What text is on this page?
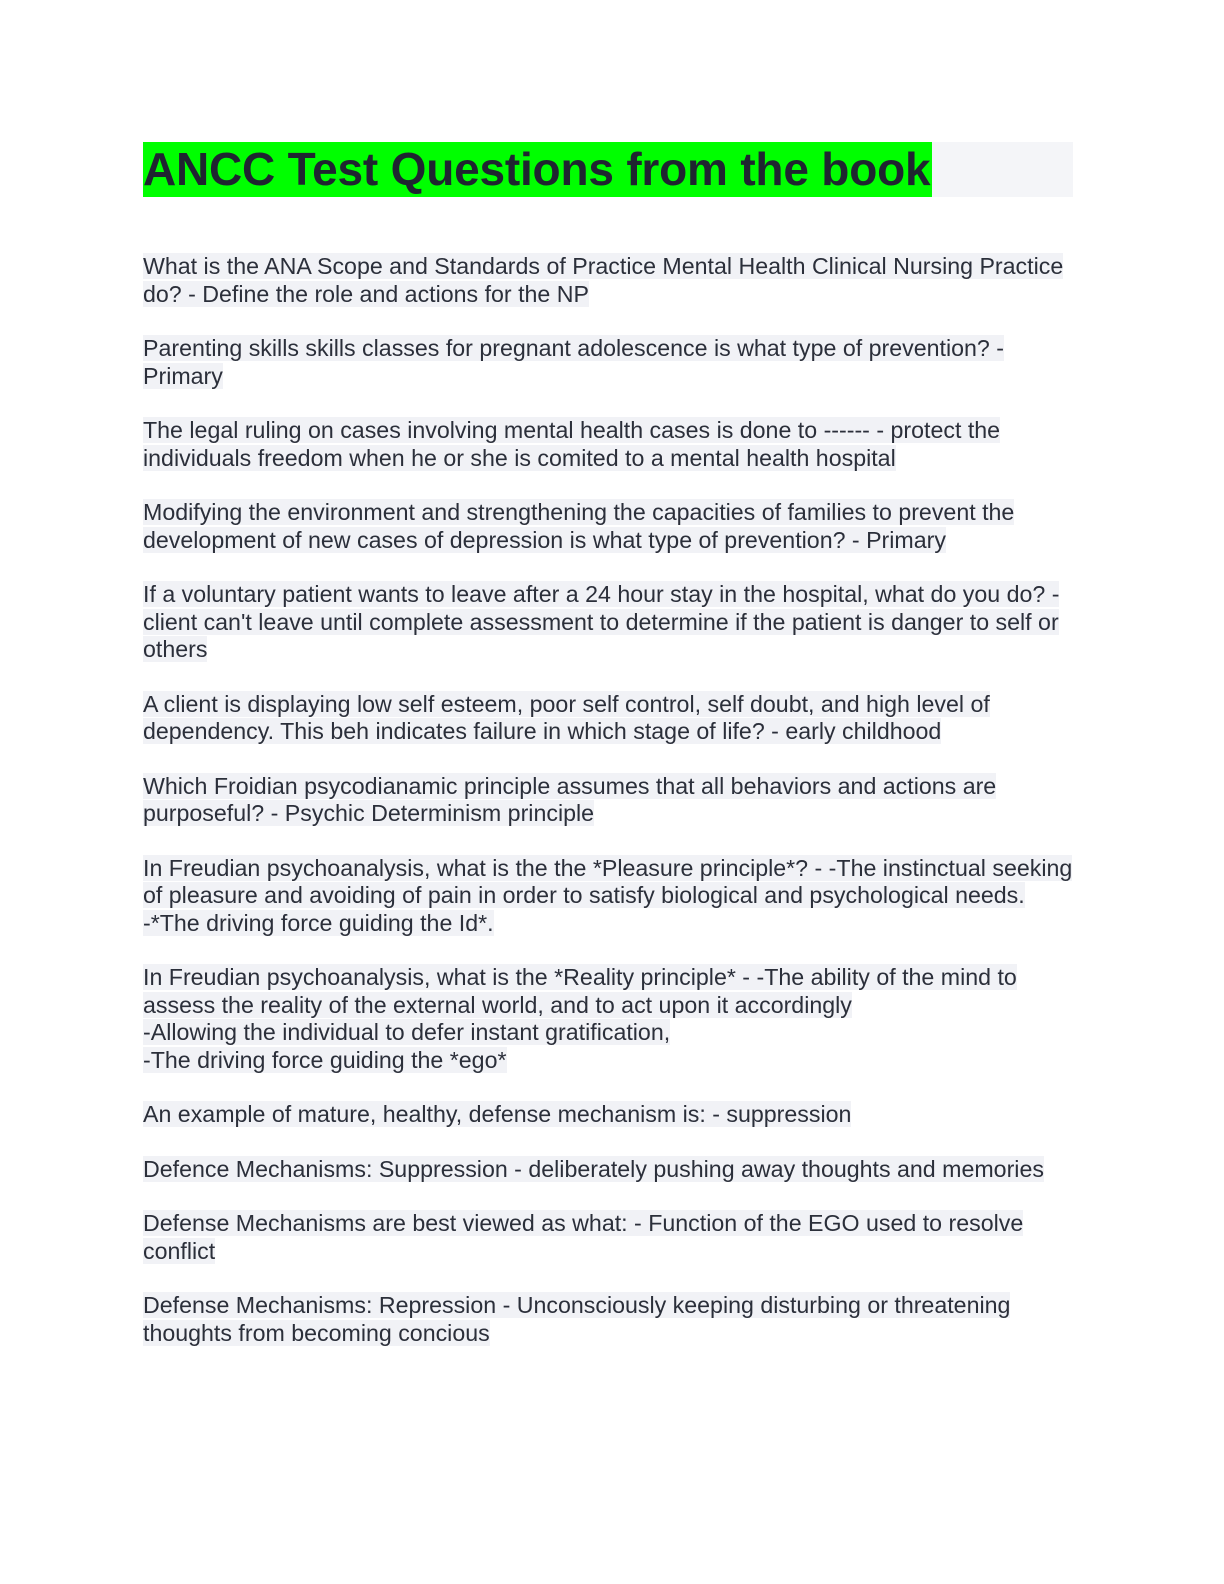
ANCC Test Questions from the book

What is the ANA Scope and Standards of Practice Mental Health Clinical Nursing Practice do? - Define the role and actions for the NP

Parenting skills skills classes for pregnant adolescence is what type of prevention? - Primary

The legal ruling on cases involving mental health cases is done to ------ - protect the individuals freedom when he or she is comited to a mental health hospital

Modifying the environment and strengthening the capacities of families to prevent the development of new cases of depression is what type of prevention? - Primary

If a voluntary patient wants to leave after a 24 hour stay in the hospital, what do you do? - client can't leave until complete assessment to determine if the patient is danger to self or others

A client is displaying low self esteem, poor self control, self doubt, and high level of dependency. This beh indicates failure in which stage of life? - early childhood

Which Froidian psycodianamic principle assumes that all behaviors and actions are purposeful? - Psychic Determinism principle

In Freudian psychoanalysis, what is the the *Pleasure principle*? - -The instinctual seeking of pleasure and avoiding of pain in order to satisfy biological and psychological needs.

-*The driving force guiding the Id*.

In Freudian psychoanalysis, what is the *Reality principle* - -The ability of the mind to assess the reality of the external world, and to act upon it accordingly

-Allowing the individual to defer instant gratification,

-The driving force guiding the *ego*

An example of mature, healthy, defense mechanism is: - suppression

Defence Mechanisms: Suppression - deliberately pushing away thoughts and memories

Defense Mechanisms are best viewed as what: - Function of the EGO used to resolve conflict

Defense Mechanisms: Repression - Unconsciously keeping disturbing or threatening thoughts from becoming concious
